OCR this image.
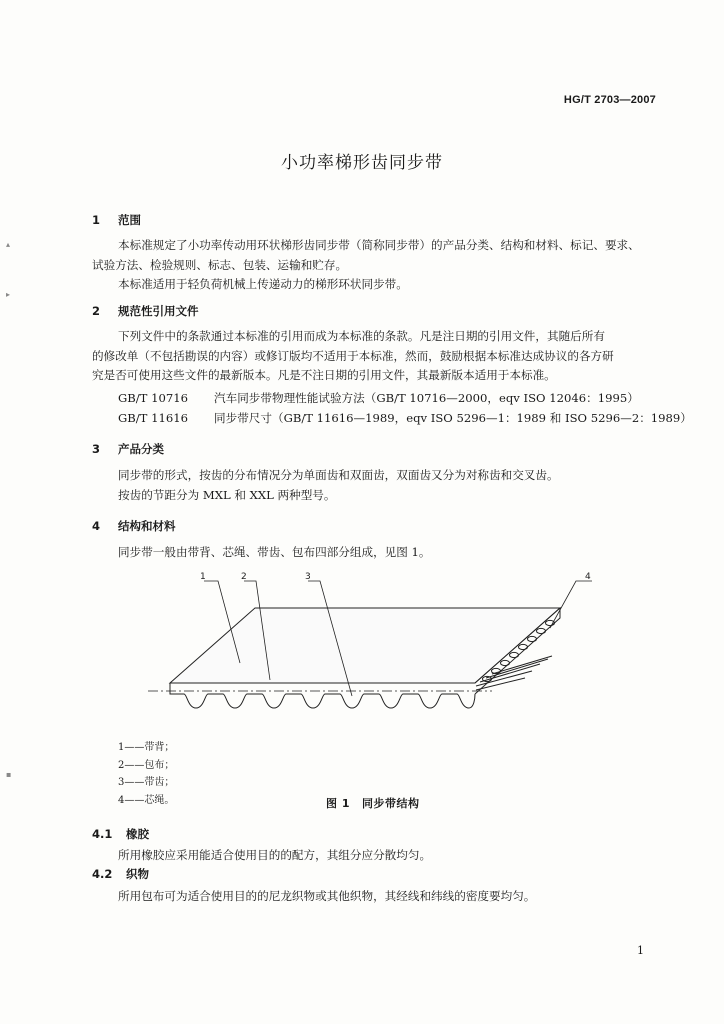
HG/T 2703—2007
小功率梯形齿同步带
1 范围
本标准规定了小功率传动用环状梯形齿同步带（简称同步带）的产品分类、结构和材料、标记、要求、
试验方法、检验规则、标志、包装、运输和贮存。
本标准适用于轻负荷机械上传递动力的梯形环状同步带。
2 规范性引用文件
下列文件中的条款通过本标准的引用而成为本标准的条款。凡是注日期的引用文件，其随后所有
的修改单（不包括勘误的内容）或修订版均不适用于本标准，然而，鼓励根据本标准达成协议的各方研
究是否可使用这些文件的最新版本。凡是不注日期的引用文件，其最新版本适用于本标准。
GB/T 10716 汽车同步带物理性能试验方法（GB/T 10716—2000，eqv ISO 12046：1995）
GB/T 11616 同步带尺寸（GB/T 11616—1989，eqv ISO 5296—1：1989 和 ISO 5296—2：1989）
3 产品分类
同步带的形式，按齿的分布情况分为单面齿和双面齿，双面齿又分为对称齿和交叉齿。
按齿的节距分为 MXL 和 XXL 两种型号。
4 结构和材料
同步带一般由带背、芯绳、带齿、包布四部分组成，见图 1。
1	2	3	4
1——带背；
2——包布；
3——带齿；
4——芯绳。	图 1 同步带结构
4.1 橡胶
所用橡胶应采用能适合使用目的的配方，其组分应分散均匀。
4.2 织物
所用包布可为适合使用目的的尼龙织物或其他织物，其经线和纬线的密度要均匀。
1
▴
▸
▪
